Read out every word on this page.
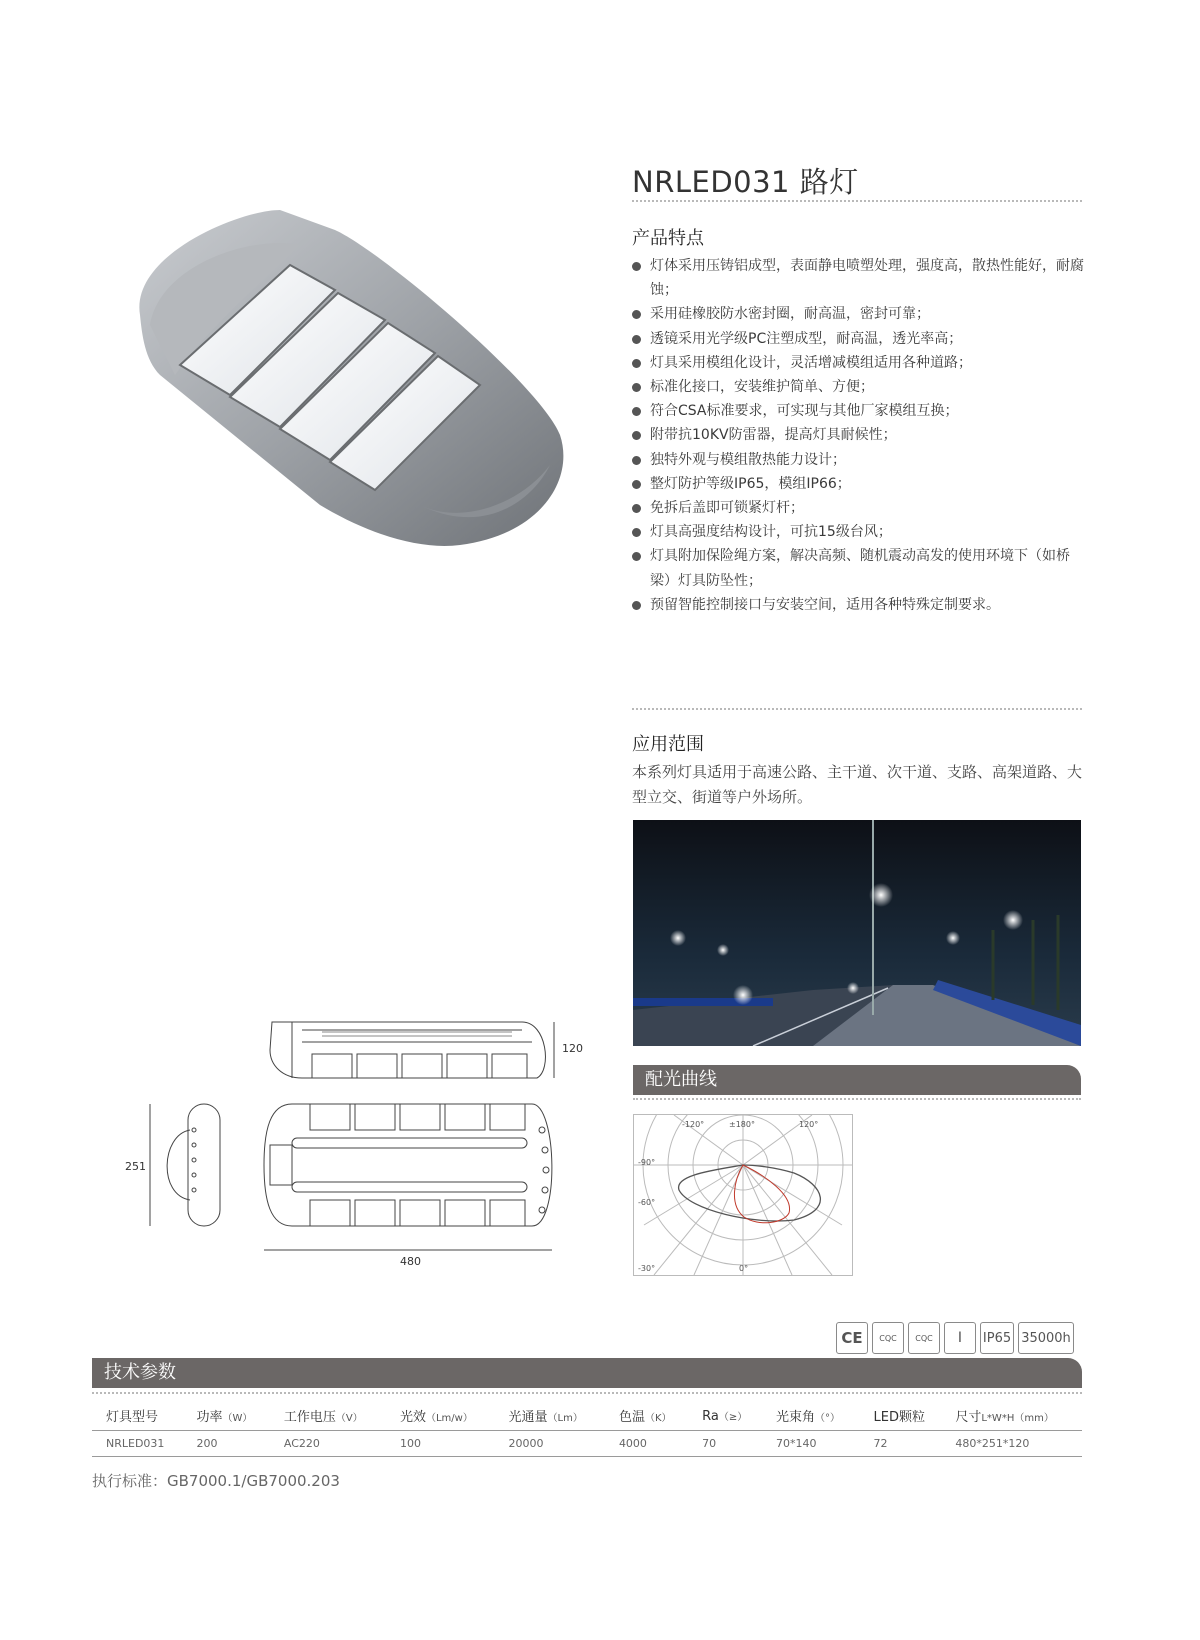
NRLED031 路灯
产品特点
灯体采用压铸铝成型，表面静电喷塑处理，强度高，散热性能好，耐腐蚀；
采用硅橡胶防水密封圈，耐高温，密封可靠；
透镜采用光学级PC注塑成型，耐高温，透光率高；
灯具采用模组化设计，灵活增减模组适用各种道路；
标准化接口，安装维护简单、方便；
符合CSA标准要求，可实现与其他厂家模组互换；
附带抗10KV防雷器，提高灯具耐候性；
独特外观与模组散热能力设计；
整灯防护等级IP65，模组IP66；
免拆后盖即可锁紧灯杆；
灯具高强度结构设计，可抗15级台风；
灯具附加保险绳方案，解决高频、随机震动高发的使用环境下（如桥梁）灯具防坠性；
预留智能控制接口与安装空间，适用各种特殊定制要求。
应用范围
本系列灯具适用于高速公路、主干道、次干道、支路、高架道路、大型立交、街道等户外场所。
配光曲线
-120°	±180°	120°
-90°
-60°
-30°	0°
120
251
480
CE	CQC	CQC	Ⅰ	IP65 35000h
技术参数
灯具型号	功率（W）	工作电压（V）	光效（Lm/w）	光通量（Lm）	色温（K）	Ra（≥）	光束角（°）	LED颗粒	尺寸L*W*H（mm）
NRLED031	200	AC220	100	20000	4000	70	70*140	72	480*251*120
执行标准：GB7000.1/GB7000.203
